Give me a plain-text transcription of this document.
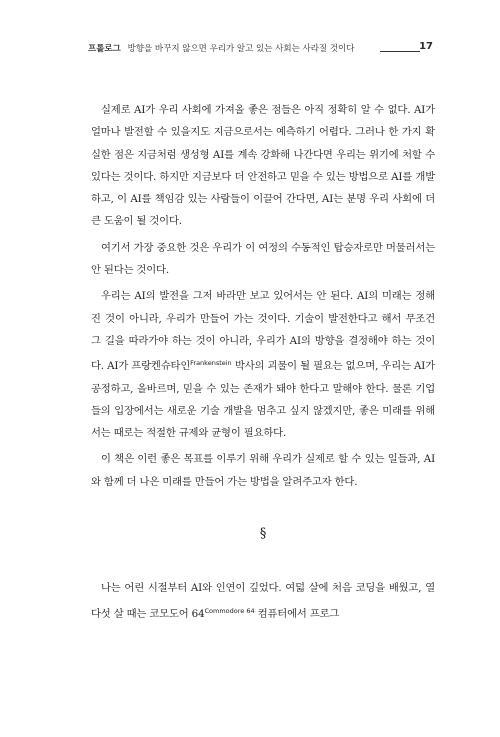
프롤로그 방향을 바꾸지 않으면 우리가 알고 있는 사회는 사라질 것이다	17

실제로 AI가 우리 사회에 가져올 좋은 점들은 아직 정확히 알 수 없다. AI가 얼마나 발전할 수 있을지도 지금으로서는 예측하기 어렵다. 그러나 한 가지 확실한 점은 지금처럼 생성형 AI를 계속 강화해 나간다면 우리는 위기에 처할 수 있다는 것이다. 하지만 지금보다 더 안전하고 믿을 수 있는 방법으로 AI를 개발하고, 이 AI를 책임감 있는 사람들이 이끌어 간다면, AI는 분명 우리 사회에 더 큰 도움이 될 것이다.

여기서 가장 중요한 것은 우리가 이 여정의 수동적인 탑승자로만 머물러서는 안 된다는 것이다.

우리는 AI의 발전을 그저 바라만 보고 있어서는 안 된다. AI의 미래는 정해진 것이 아니라, 우리가 만들어 가는 것이다. 기술이 발전한다고 해서 무조건 그 길을 따라가야 하는 것이 아니라, 우리가 AI의 방향을 결정해야 하는 것이다. AI가 프랑켄슈타인$^{Frankenstein}$ 박사의 괴물이 될 필요는 없으며, 우리는 AI가 공정하고, 올바르며, 믿을 수 있는 존재가 돼야 한다고 말해야 한다. 물론 기업들의 입장에서는 새로운 기술 개발을 멈추고 싶지 않겠지만, 좋은 미래를 위해서는 때로는 적절한 규제와 균형이 필요하다.

이 책은 이런 좋은 목표를 이루기 위해 우리가 실제로 할 수 있는 일들과, AI와 함께 더 나은 미래를 만들어 가는 방법을 알려주고자 한다.

§

나는 어린 시절부터 AI와 인연이 깊었다. 여덟 살에 처음 코딩을 배웠고, 열다섯 살 때는 코모도어 $64^{Commodore 64}$ 컴퓨터에서 프로그
